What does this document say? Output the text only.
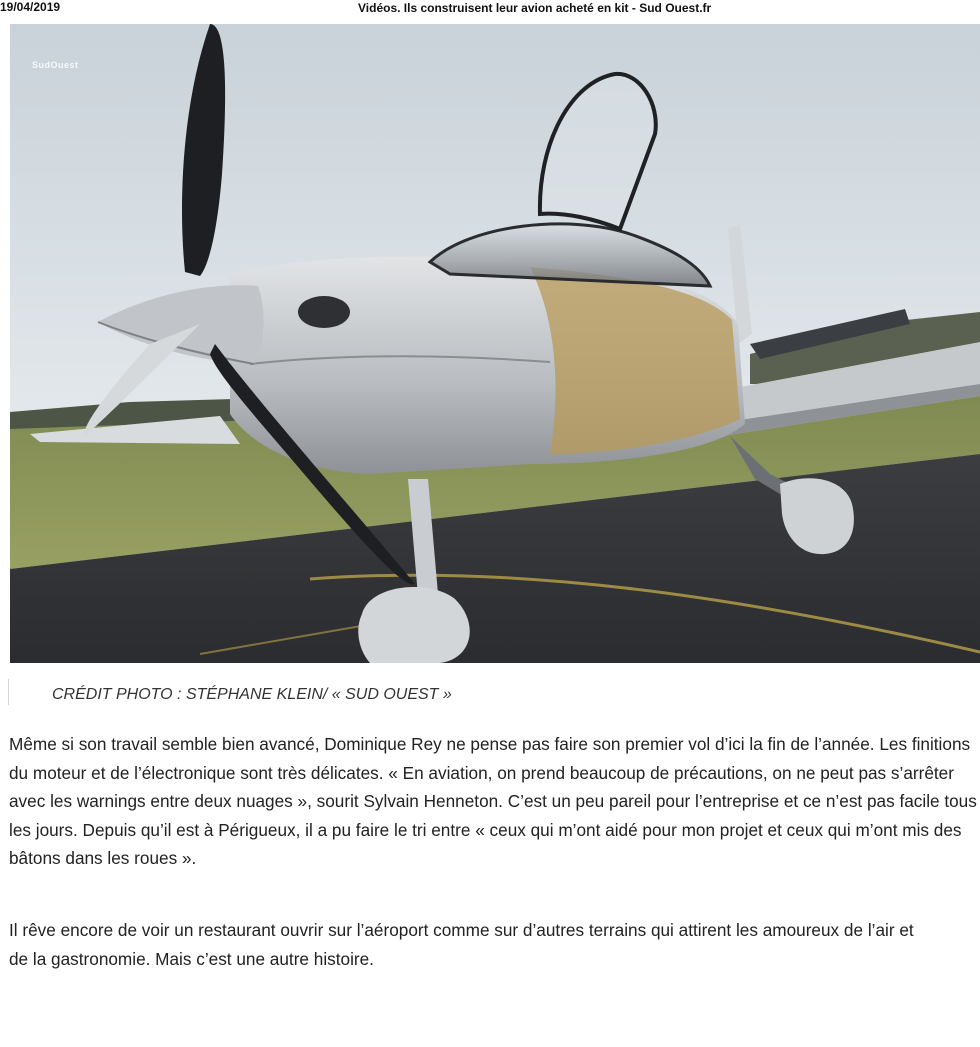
19/04/2019	Vidéos. Ils construisent leur avion acheté en kit - Sud Ouest.fr
SudOuest
CRÉDIT PHOTO : STÉPHANE KLEIN/ « SUD OUEST »

Même si son travail semble bien avancé, Dominique Rey ne pense pas faire son premier vol d’ici la fin de l’année. Les finitions du moteur et de l’électronique sont très délicates. « En aviation, on prend beaucoup de précautions, on ne peut pas s’arrêter avec les warnings entre deux nuages », sourit Sylvain Henneton. C’est un peu pareil pour l’entreprise et ce n’est pas facile tous les jours. Depuis qu’il est à Périgueux, il a pu faire le tri entre « ceux qui m’ont aidé pour mon projet et ceux qui m’ont mis des bâtons dans les roues ».

Il rêve encore de voir un restaurant ouvrir sur l’aéroport comme sur d’autres terrains qui attirent les amoureux de l’air et de la gastronomie. Mais c’est une autre histoire.
